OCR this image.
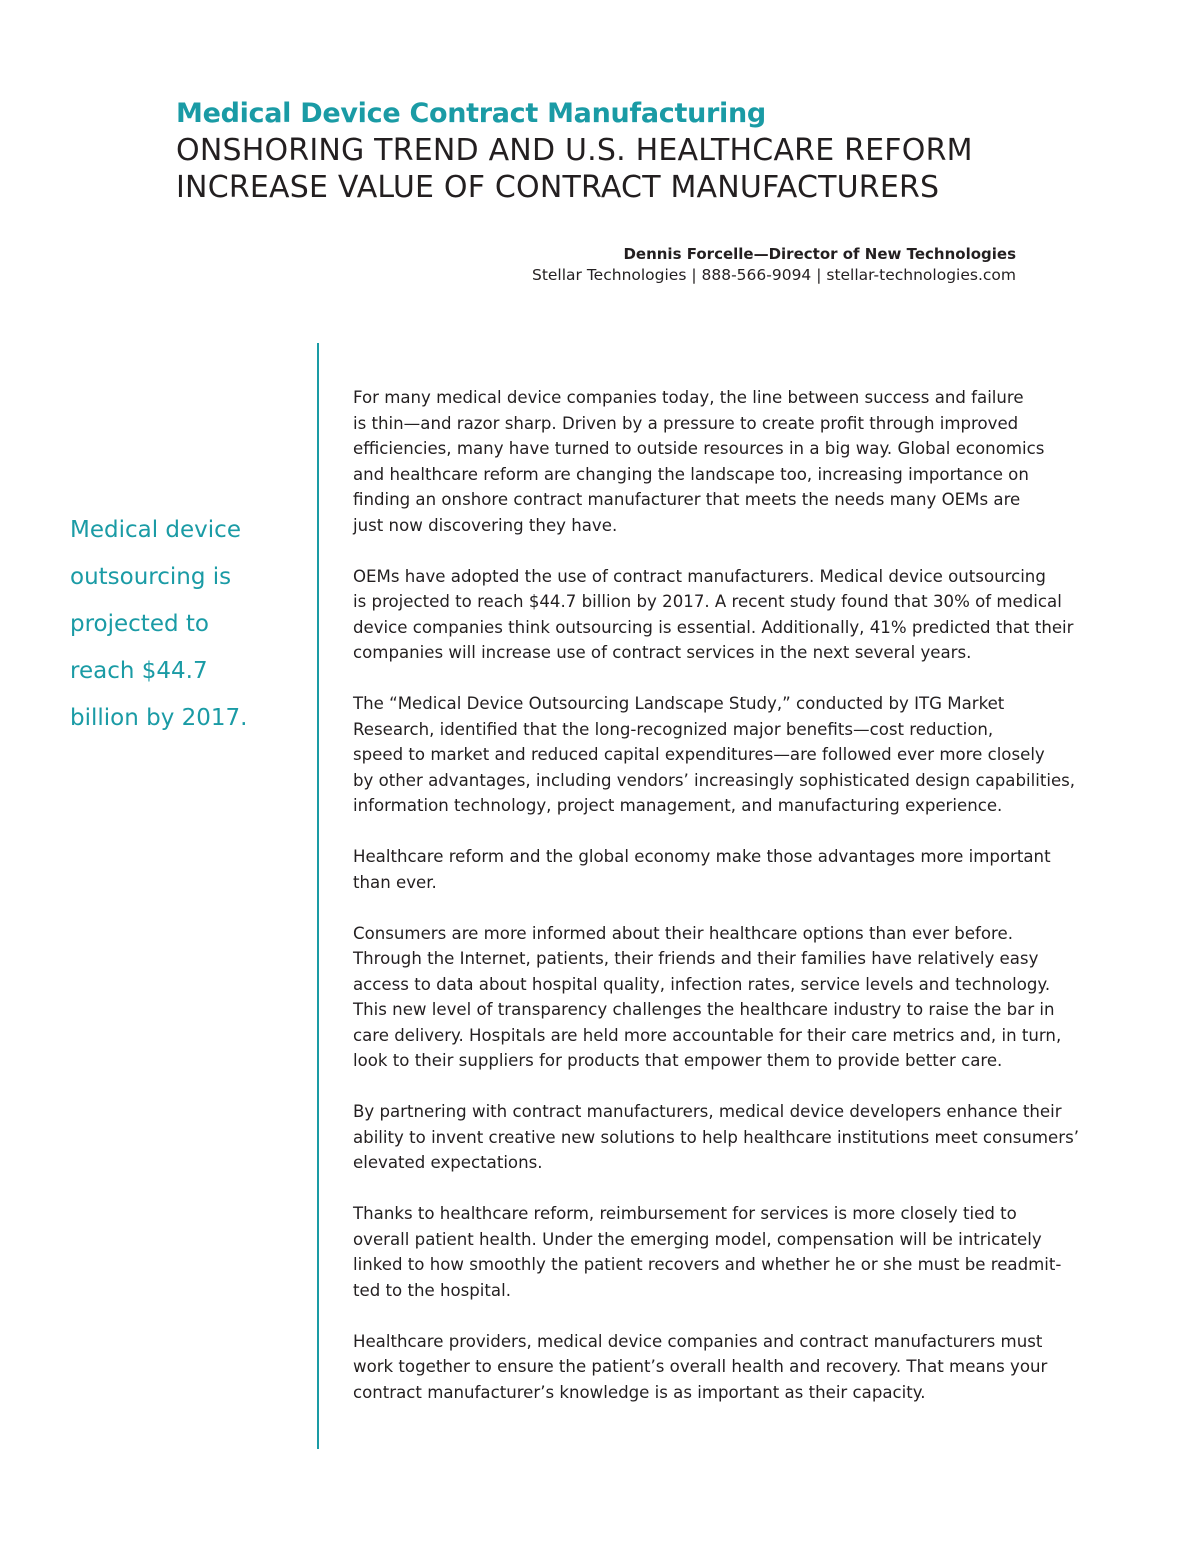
Medical Device Contract Manufacturing
ONSHORING TREND AND U.S. HEALTHCARE REFORM
INCREASE VALUE OF CONTRACT MANUFACTURERS
Dennis Forcelle—Director of New Technologies
Stellar Technologies | 888-566-9094 | stellar-technologies.com
Medical device
outsourcing is
projected to
reach $44.7
billion by 2017.

For many medical device companies today, the line between success and failure
is thin—and razor sharp. Driven by a pressure to create profit through improved
efficiencies, many have turned to outside resources in a big way. Global economics
and healthcare reform are changing the landscape too, increasing importance on
finding an onshore contract manufacturer that meets the needs many OEMs are
just now discovering they have.

OEMs have adopted the use of contract manufacturers. Medical device outsourcing
is projected to reach $44.7 billion by 2017. A recent study found that 30% of medical
device companies think outsourcing is essential. Additionally, 41% predicted that their
companies will increase use of contract services in the next several years.

The “Medical Device Outsourcing Landscape Study,” conducted by ITG Market
Research, identified that the long-recognized major benefits—cost reduction,
speed to market and reduced capital expenditures—are followed ever more closely
by other advantages, including vendors’ increasingly sophisticated design capabilities,
information technology, project management, and manufacturing experience.

Healthcare reform and the global economy make those advantages more important
than ever.

Consumers are more informed about their healthcare options than ever before.
Through the Internet, patients, their friends and their families have relatively easy
access to data about hospital quality, infection rates, service levels and technology.
This new level of transparency challenges the healthcare industry to raise the bar in
care delivery. Hospitals are held more accountable for their care metrics and, in turn,
look to their suppliers for products that empower them to provide better care.

By partnering with contract manufacturers, medical device developers enhance their
ability to invent creative new solutions to help healthcare institutions meet consumers’
elevated expectations.

Thanks to healthcare reform, reimbursement for services is more closely tied to
overall patient health. Under the emerging model, compensation will be intricately
linked to how smoothly the patient recovers and whether he or she must be readmit-
ted to the hospital.

Healthcare providers, medical device companies and contract manufacturers must
work together to ensure the patient’s overall health and recovery. That means your
contract manufacturer’s knowledge is as important as their capacity.
